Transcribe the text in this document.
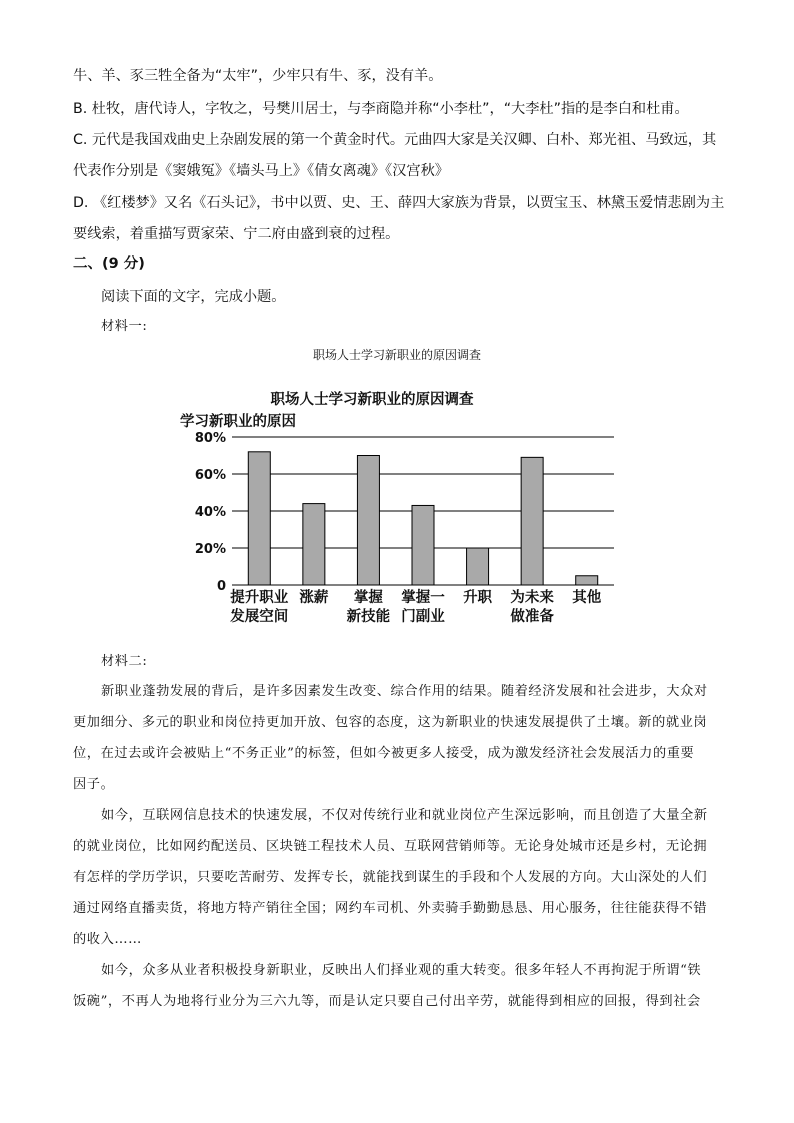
牛、羊、豕三牲全备为“太牢”，少牢只有牛、豕，没有羊。
B. 杜牧，唐代诗人，字牧之，号樊川居士，与李商隐并称“小李杜”，“大李杜”指的是李白和杜甫。
C. 元代是我国戏曲史上杂剧发展的第一个黄金时代。元曲四大家是关汉卿、白朴、郑光祖、马致远，其
代表作分别是《窦娥冤》《墙头马上》《倩女离魂》《汉宫秋》
D. 《红楼梦》又名《石头记》，书中以贾、史、王、薛四大家族为背景，以贾宝玉、林黛玉爱情悲剧为主
要线索，着重描写贾家荣、宁二府由盛到衰的过程。
二、(9 分)
阅读下面的文字，完成小题。
材料一:
职场人士学习新职业的原因调查
职场人士学习新职业的原因调查
学习新职业的原因
0
20%
40%
60%
80%
提升职业发展空间
涨薪	掌握新技能
掌握一门副业
升职 为未来做准备
其他
材料二:
新职业蓬勃发展的背后，是许多因素发生改变、综合作用的结果。随着经济发展和社会进步，大众对
更加细分、多元的职业和岗位持更加开放、包容的态度，这为新职业的快速发展提供了土壤。新的就业岗
位，在过去或许会被贴上“不务正业”的标签，但如今被更多人接受，成为激发经济社会发展活力的重要
因子。
如今，互联网信息技术的快速发展，不仅对传统行业和就业岗位产生深远影响，而且创造了大量全新
的就业岗位，比如网约配送员、区块链工程技术人员、互联网营销师等。无论身处城市还是乡村，无论拥
有怎样的学历学识，只要吃苦耐劳、发挥专长，就能找到谋生的手段和个人发展的方向。大山深处的人们
通过网络直播卖货，将地方特产销往全国；网约车司机、外卖骑手勤勤恳恳、用心服务，往往能获得不错
的收入……
如今，众多从业者积极投身新职业，反映出人们择业观的重大转变。很多年轻人不再拘泥于所谓“铁
饭碗”，不再人为地将行业分为三六九等，而是认定只要自己付出辛劳，就能得到相应的回报，得到社会
